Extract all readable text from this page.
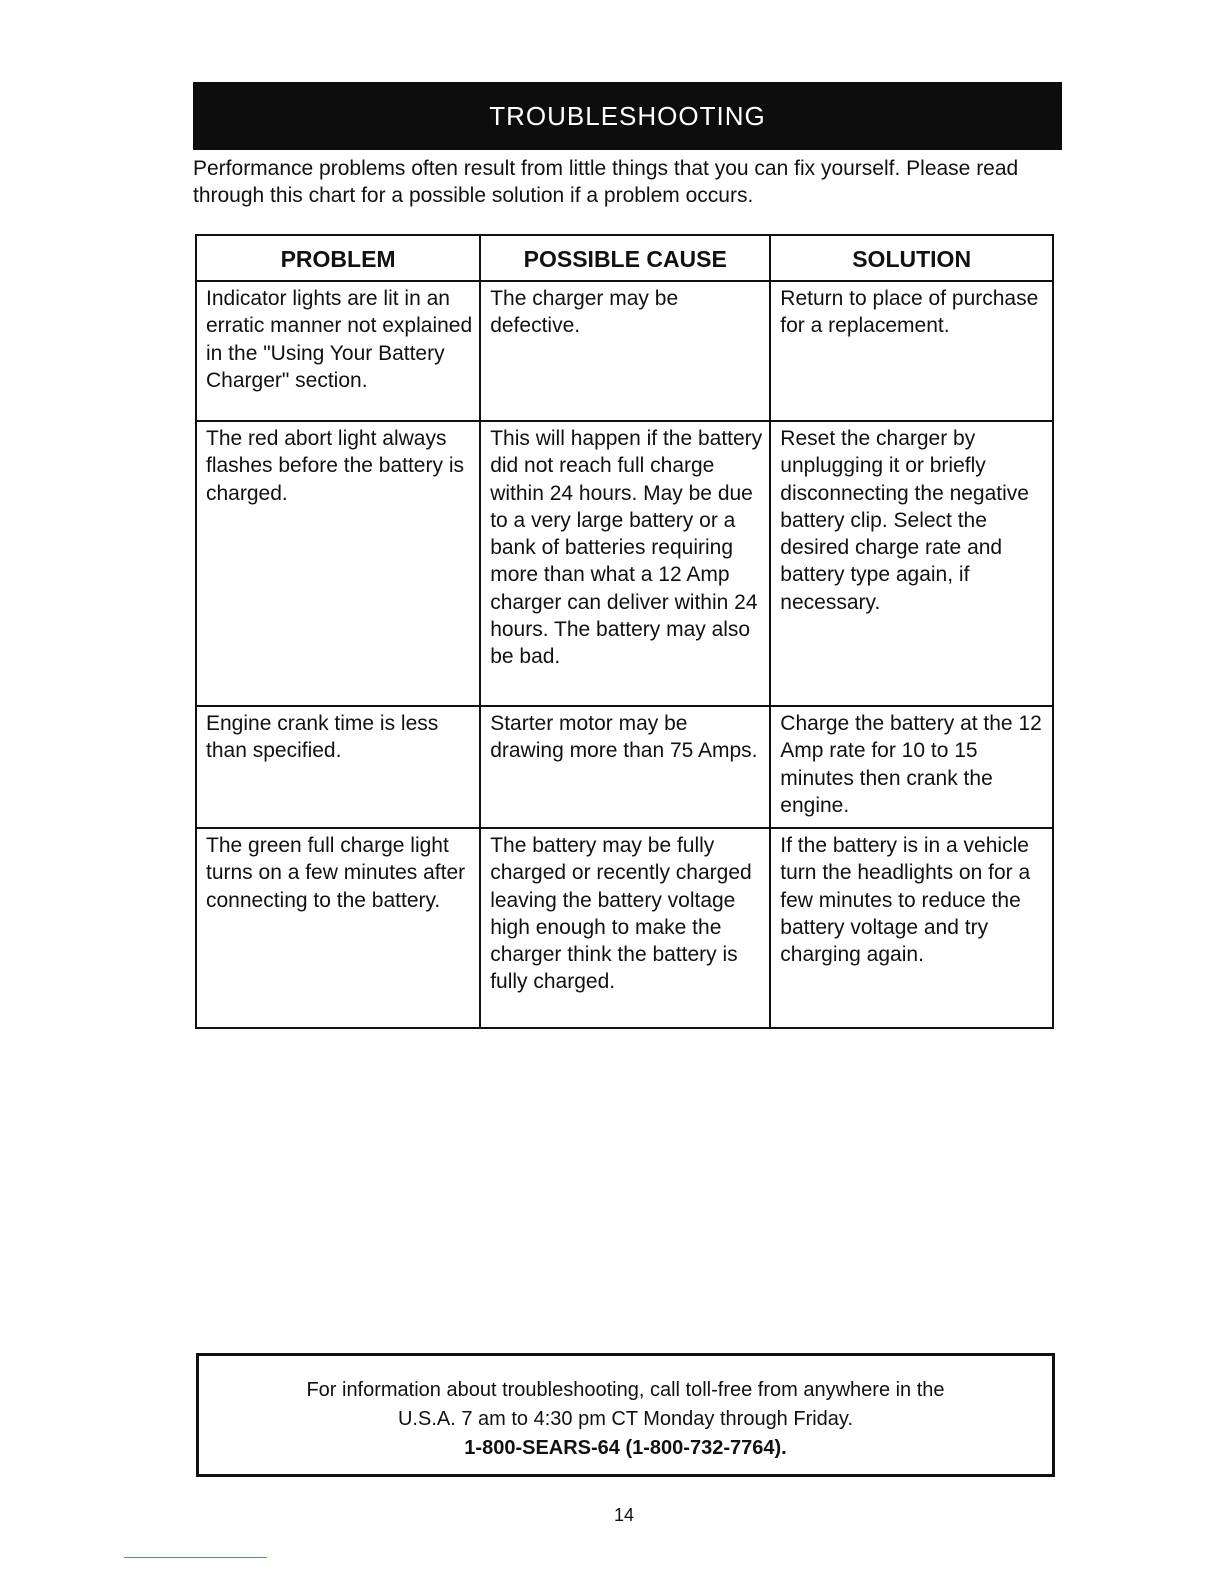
TROUBLESHOOTING

Performance problems often result from little things that you can fix yourself. Please read through this chart for a possible solution if a problem occurs.

PROBLEM	POSSIBLE CAUSE	SOLUTION
Indicator lights are lit in an erratic manner not explained in the "Using Your Battery Charger" section.	The charger may be defective.	Return to place of purchase for a replacement.
The red abort light always flashes before the battery is charged.	This will happen if the battery did not reach full charge within 24 hours. May be due to a very large battery or a bank of batteries requiring more than what a 12 Amp charger can deliver within 24 hours. The battery may also be bad.	Reset the charger by unplugging it or briefly disconnecting the negative battery clip. Select the desired charge rate and battery type again, if necessary.
Engine crank time is less than specified.	Starter motor may be drawing more than 75 Amps.	Charge the battery at the 12 Amp rate for 10 to 15 minutes then crank the engine.
The green full charge light turns on a few minutes after connecting to the battery.	The battery may be fully charged or recently charged leaving the battery voltage high enough to make the charger think the battery is fully charged.	If the battery is in a vehicle turn the headlights on for a few minutes to reduce the battery voltage and try charging again.
For information about troubleshooting, call toll-free from anywhere in the
U.S.A. 7 am to 4:30 pm CT Monday through Friday.
1-800-SEARS-64 (1-800-732-7764).
14
